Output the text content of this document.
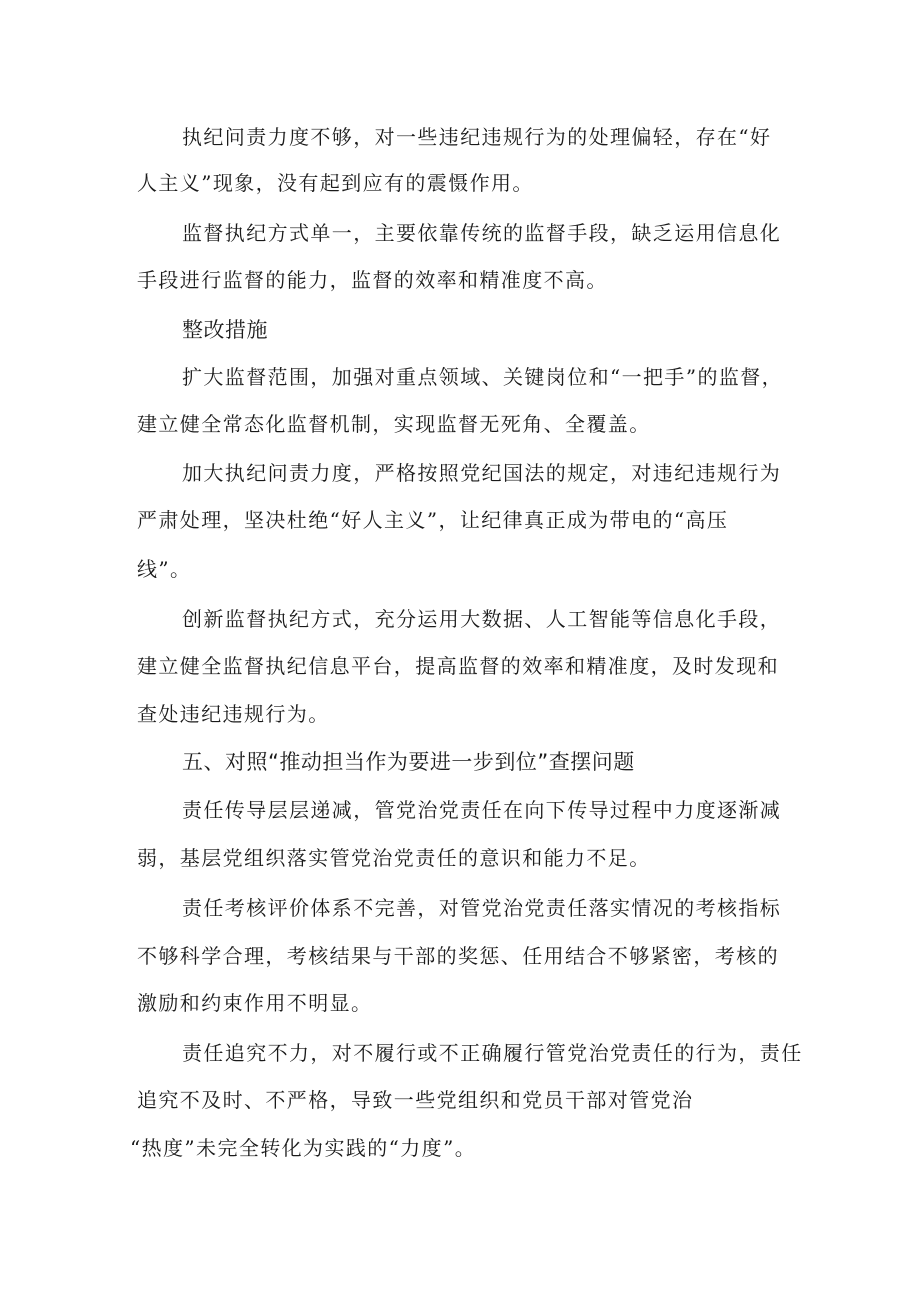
执纪问责力度不够，对一些违纪违规行为的处理偏轻，存在“好
人主义”现象，没有起到应有的震慑作用。
监督执纪方式单一，主要依靠传统的监督手段，缺乏运用信息化
手段进行监督的能力，监督的效率和精准度不高。
整改措施
扩大监督范围，加强对重点领域、关键岗位和“一把手”的监督，
建立健全常态化监督机制，实现监督无死角、全覆盖。
加大执纪问责力度，严格按照党纪国法的规定，对违纪违规行为
严肃处理，坚决杜绝“好人主义”，让纪律真正成为带电的“高压
线”。
创新监督执纪方式，充分运用大数据、人工智能等信息化手段，
建立健全监督执纪信息平台，提高监督的效率和精准度，及时发现和
查处违纪违规行为。
五、对照“推动担当作为要进一步到位”查摆问题
责任传导层层递减，管党治党责任在向下传导过程中力度逐渐减
弱，基层党组织落实管党治党责任的意识和能力不足。
责任考核评价体系不完善，对管党治党责任落实情况的考核指标
不够科学合理，考核结果与干部的奖惩、任用结合不够紧密，考核的
激励和约束作用不明显。
责任追究不力，对不履行或不正确履行管党治党责任的行为，责任
追究不及时、不严格，导致一些党组织和党员干部对管党治
“热度”未完全转化为实践的“力度”。
